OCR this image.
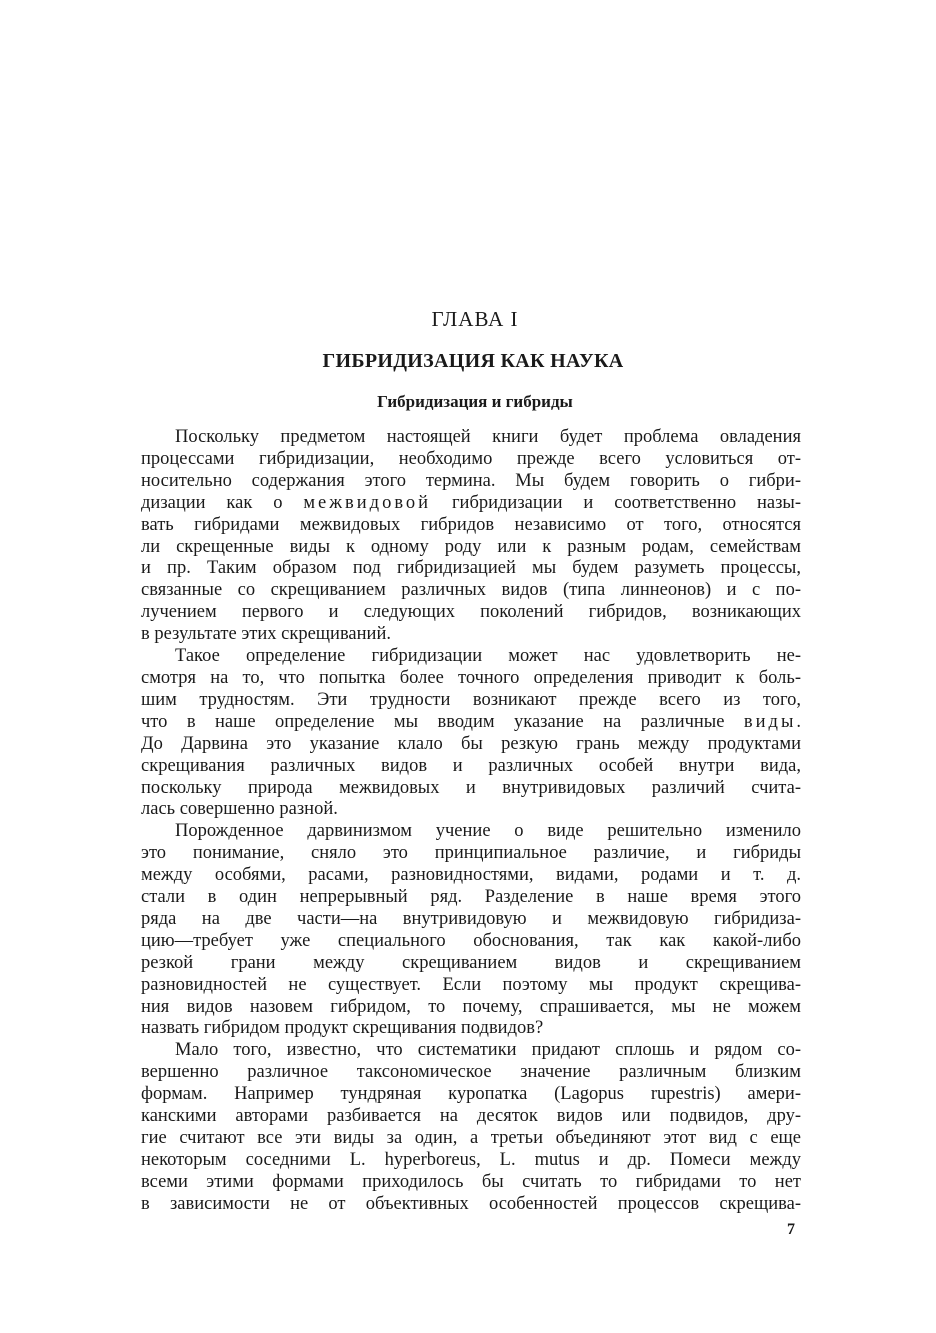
ГЛАВА I
ГИБРИДИЗАЦИЯ КАК НАУКА
Гибридизация и гибриды
Поскольку предметом настоящей книги будет проблема овладения
процессами гибридизации, необходимо прежде всего условиться от-
носительно содержания этого термина. Мы будем говорить о гибри-
дизации как о межвидовой гибридизации и соответственно назы-
вать гибридами межвидовых гибридов независимо от того, относятся
ли скрещенные виды к одному роду или к разным родам, семействам
и пр. Таким образом под гибридизацией мы будем разуметь процессы,
связанные со скрещиванием различных видов (типа линнеонов) и с по-
лучением первого и следующих поколений гибридов, возникающих
в результате этих скрещиваний.
Такое определение гибридизации может нас удовлетворить не-
смотря на то, что попытка более точного определения приводит к боль-
шим трудностям. Эти трудности возникают прежде всего из того,
что в наше определение мы вводим указание на различные виды.
До Дарвина это указание клало бы резкую грань между продуктами
скрещивания различных видов и различных особей внутри вида,
поскольку природа межвидовых и внутривидовых различий счита-
лась совершенно разной.
Порожденное дарвинизмом учение о виде решительно изменило
это понимание, сняло это принципиальное различие, и гибриды
между особями, расами, разновидностями, видами, родами и т. д.
стали в один непрерывный ряд. Разделение в наше время этого
ряда на две части—на внутривидовую и межвидовую гибридиза-
цию—требует уже специального обоснования, так как какой-либо
резкой грани между скрещиванием видов и скрещиванием
разновидностей не существует. Если поэтому мы продукт скрещива-
ния видов назовем гибридом, то почему, спрашивается, мы не можем
назвать гибридом продукт скрещивания подвидов?
Мало того, известно, что систематики придают сплошь и рядом со-
вершенно различное таксономическое значение различным близким
формам. Например тундряная куропатка (Lagopus rupestris) амери-
канскими авторами разбивается на десяток видов или подвидов, дру-
гие считают все эти виды за один, а третьи объединяют этот вид с еще
некоторым соседними L. hyperboreus, L. mutus и др. Помеси между
всеми этими формами приходилось бы считать то гибридами то нет
в зависимости не от объективных особенностей процессов скрещива-

7
